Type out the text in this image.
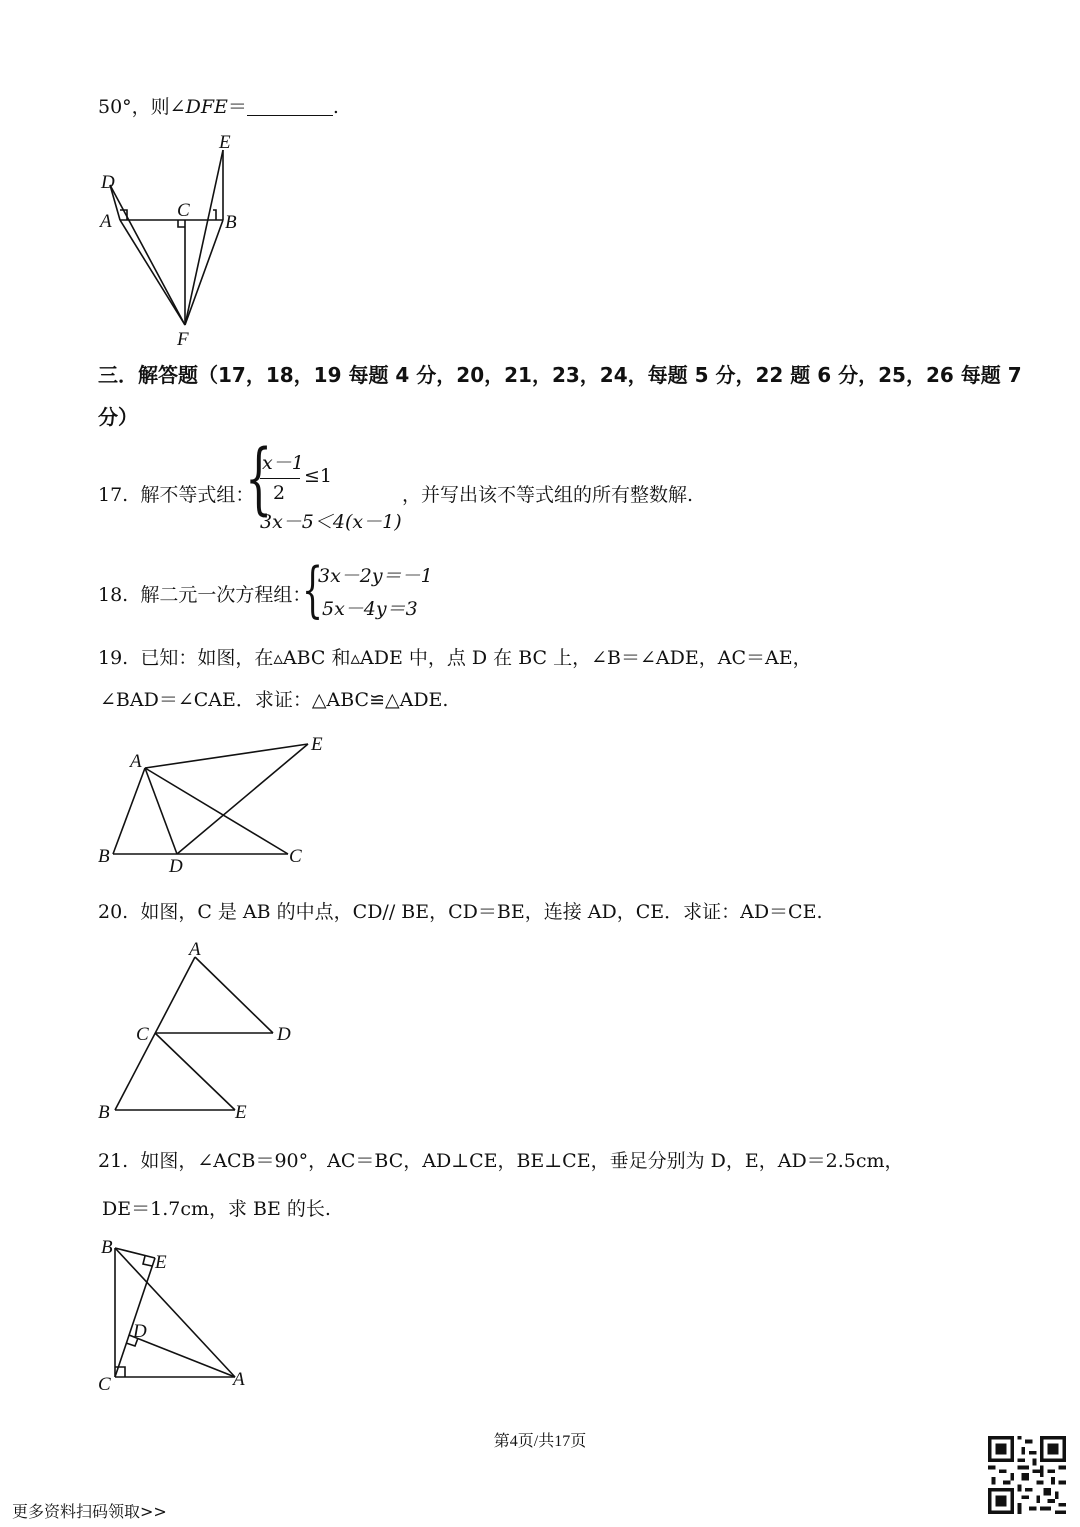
50°，则∠DFE＝	.
D
E
A
C
B
F
三．解答题（17，18，19 每题 4 分，20，21，23，24，每题 5 分，22 题 6 分，25，26 每题 7
分）
17. 解不等式组：
{
x－1
2
≤1
3x－5＜4(x－1)
，并写出该不等式组的所有整数解.
18. 解二元一次方程组：
{
3x－2y＝－1
5x－4y＝3
19. 已知：如图，在▵ABC 和▵ADE 中，点 D 在 BC 上，∠B＝∠ADE，AC＝AE，
∠BAD＝∠CAE．求证：△ABC≌△ADE.
A
E
B	D	C
20. 如图，C 是 AB 的中点，CD// BE，CD＝BE，连接 AD，CE．求证：AD＝CE.
A
C	D
B	E
21. 如图，∠ACB＝90°，AC＝BC，AD⊥CE，BE⊥CE，垂足分别为 D，E，AD＝2.5cm，
DE＝1.7cm，求 BE 的长.
B
E
D
C	A
第4页/共17页
更多资料扫码领取>>
